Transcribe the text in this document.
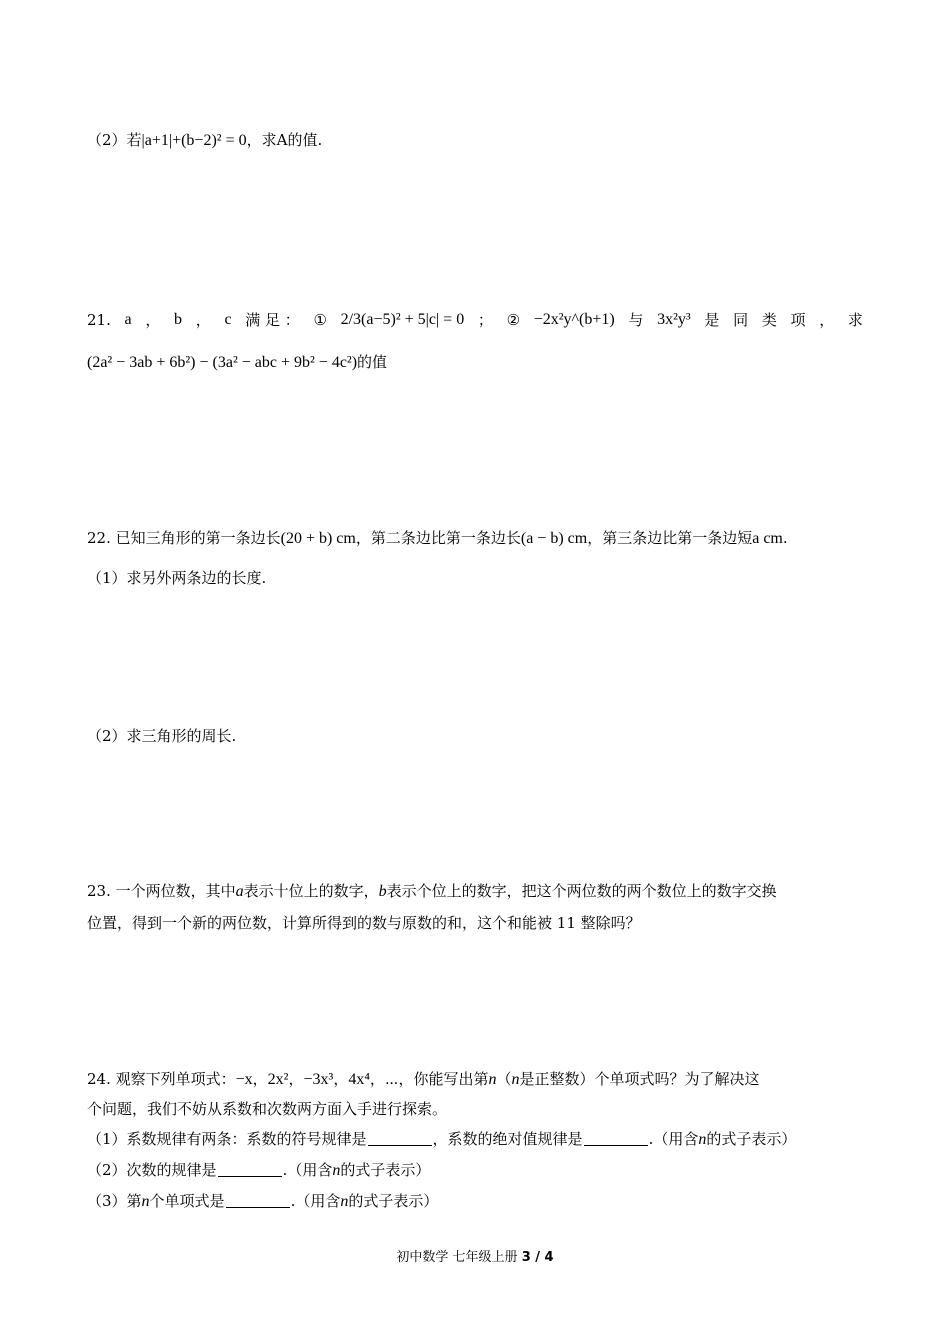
（2）若|a+1|+(b−2)² = 0，求A的值.
21. a ， b ， c 满 足 ： ① 2/3(a−5)² + 5|c| = 0 ； ② −2x²y^(b+1) 与 3x²y³ 是 同 类 项 ， 求
(2a² − 3ab + 6b²) − (3a² − abc + 9b² − 4c²)的值
22. 已知三角形的第一条边长(20 + b) cm，第二条边比第一条边长(a − b) cm，第三条边比第一条边短a cm.
（1）求另外两条边的长度.
（2）求三角形的周长.
23. 一个两位数，其中a表示十位上的数字，b表示个位上的数字，把这个两位数的两个数位上的数字交换
位置，得到一个新的两位数，计算所得到的数与原数的和，这个和能被 11 整除吗？
24. 观察下列单项式：−x，2x²，−3x³，4x⁴，⋯，你能写出第n（n是正整数）个单项式吗？为了解决这
个问题，我们不妨从系数和次数两方面入手进行探索。
（1）系数规律有两条：系数的符号规律是	，系数的绝对值规律是	.（用含n的式子表示）
（2）次数的规律是	.（用含n的式子表示）
（3）第n个单项式是	.（用含n的式子表示）
初中数学 七年级上册 3 / 4
